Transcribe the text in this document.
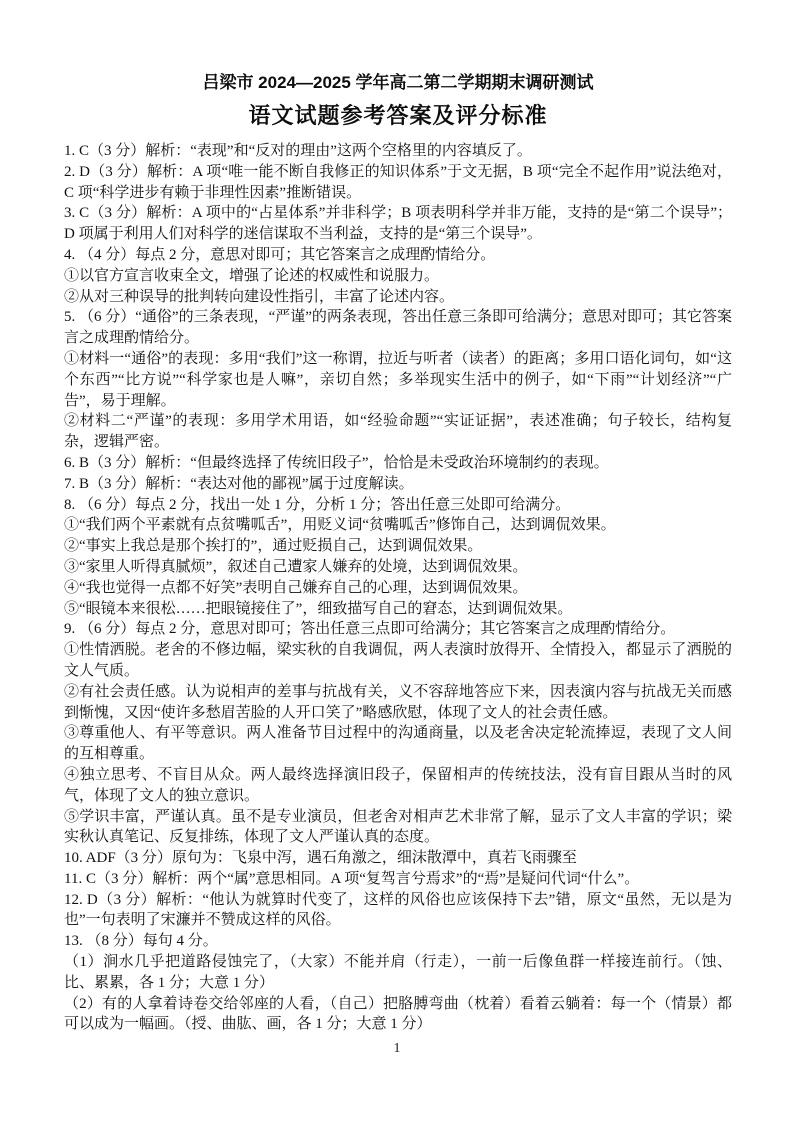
吕梁市 2024—2025 学年高二第二学期期末调研测试
语文试题参考答案及评分标准

1. C（3 分）解析：“表现”和“反对的理由”这两个空格里的内容填反了。

2. D（3 分）解析：A 项“唯一能不断自我修正的知识体系”于文无据，B 项“完全不起作用”说法绝对，C 项“科学进步有赖于非理性因素”推断错误。

3. C（3 分）解析：A 项中的“占星体系”并非科学；B 项表明科学并非万能，支持的是“第二个误导”；D 项属于利用人们对科学的迷信谋取不当利益，支持的是“第三个误导”。

4. （4 分）每点 2 分，意思对即可；其它答案言之成理酌情给分。

①以官方宣言收束全文，增强了论述的权威性和说服力。

②从对三种误导的批判转向建设性指引，丰富了论述内容。

5. （6 分）“通俗”的三条表现，“严谨”的两条表现，答出任意三条即可给满分；意思对即可；其它答案言之成理酌情给分。

①材料一“通俗”的表现：多用“我们”这一称谓，拉近与听者（读者）的距离；多用口语化词句，如“这个东西”“比方说”“科学家也是人嘛”，亲切自然；多举现实生活中的例子，如“下雨”“计划经济”“广告”，易于理解。

②材料二“严谨”的表现：多用学术用语，如“经验命题”“实证证据”，表述准确；句子较长，结构复杂，逻辑严密。

6. B（3 分）解析：“但最终选择了传统旧段子”，恰恰是未受政治环境制约的表现。

7. B（3 分）解析：“表达对他的鄙视”属于过度解读。

8. （6 分）每点 2 分，找出一处 1 分，分析 1 分；答出任意三处即可给满分。

①“我们两个平素就有点贫嘴呱舌”，用贬义词“贫嘴呱舌”修饰自己，达到调侃效果。

②“事实上我总是那个挨打的”，通过贬损自己，达到调侃效果。

③“家里人听得真腻烦”，叙述自己遭家人嫌弃的处境，达到调侃效果。

④“我也觉得一点都不好笑”表明自己嫌弃自己的心理，达到调侃效果。

⑤“眼镜本来很松……把眼镜接住了”，细致描写自己的窘态，达到调侃效果。

9. （6 分）每点 2 分，意思对即可；答出任意三点即可给满分；其它答案言之成理酌情给分。

①性情洒脱。老舍的不修边幅，梁实秋的自我调侃，两人表演时放得开、全情投入，都显示了洒脱的文人气质。

②有社会责任感。认为说相声的差事与抗战有关，义不容辞地答应下来，因表演内容与抗战无关而感到惭愧，又因“使许多愁眉苦脸的人开口笑了”略感欣慰，体现了文人的社会责任感。

③尊重他人、有平等意识。两人准备节目过程中的沟通商量，以及老舍决定轮流捧逗，表现了文人间的互相尊重。

④独立思考、不盲目从众。两人最终选择演旧段子，保留相声的传统技法，没有盲目跟从当时的风气，体现了文人的独立意识。

⑤学识丰富，严谨认真。虽不是专业演员，但老舍对相声艺术非常了解，显示了文人丰富的学识；梁实秋认真笔记、反复排练，体现了文人严谨认真的态度。

10. ADF（3 分）原句为：飞泉中泻，遇石角激之，细沫散潭中，真若飞雨骤至

11. C（3 分）解析：两个“属”意思相同。A 项“复驾言兮焉求”的“焉”是疑问代词“什么”。

12. D（3 分）解析：“他认为就算时代变了，这样的风俗也应该保持下去”错，原文“虽然，无以是为也”一句表明了宋濂并不赞成这样的风俗。

13. （8 分）每句 4 分。

（1）涧水几乎把道路侵蚀完了，（大家）不能并肩（行走），一前一后像鱼群一样接连前行。（蚀、比、累累，各 1 分；大意 1 分）

（2）有的人拿着诗卷交给邻座的人看，（自己）把胳膊弯曲（枕着）看着云躺着：每一个（情景）都可以成为一幅画。（授、曲肱、画，各 1 分；大意 1 分）

1
